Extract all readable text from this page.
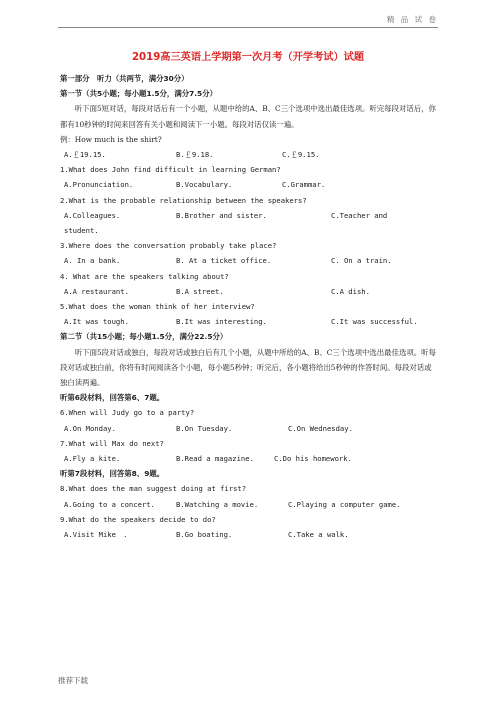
精 品 试 卷
2019高三英语上学期第一次月考（开学考试）试题
第一部分　听力（共两节，满分30分）
第一节（共5小题；每小题1.5分，满分7.5分）
听下面5短对话，每段对话后有一个小题，从题中给的A、B、C三个选项中选出最佳选项。听完每段对话后，你都有10秒钟的时间来回答有关小题和阅读下一小题。每段对话仅读一遍。
例：How much is the shirt?
A.￡19.15.	B.￡9.18.	C.￡9.15.
1.What does John find difficult in learning German?
A.Pronunciation.	B.Vocabulary.	C.Grammar.
2.What is the probable relationship between the speakers?
A.Colleagues.	B.Brother and sister.	C.Teacher and
student.
3.Where does the conversation probably take place?
A. In a bank.	B. At a ticket office.	C. On a train.
4. What are the speakers talking about?
A.A restaurant.	B.A street.	C.A dish.
5.What does the woman think of her interview?
A.It was tough.	B.It was interesting.	C.It was successful.
第二节（共15小题；每小题1.5分，满分22.5分）
听下面5段对话或独白，每段对话或独白后有几个小题，从题中所给的A、B、C三个选项中选出最佳选项。听每段对话或独白前，你将有时间阅读各个小题，每小题5秒钟；听完后，各小题将给出5秒钟的作答时间。每段对话或独白读两遍。
听第6段材料，回答第6、7题。
6.When will Judy go to a party?
A.On Monday.	B.On Tuesday.	C.On Wednesday.
7.What will Max do next?
A.Fly a kite.	B.Read a magazine.	C.Do his homework.
听第7段材料，回答第8、9题。
8.What does the man suggest doing at first?
A.Going to a concert.	B.Watching a movie.	C.Playing a computer game.
9.What do the speakers decide to do?
A.Visit Mike　.	B.Go boating.	C.Take a walk.
推荐下载
